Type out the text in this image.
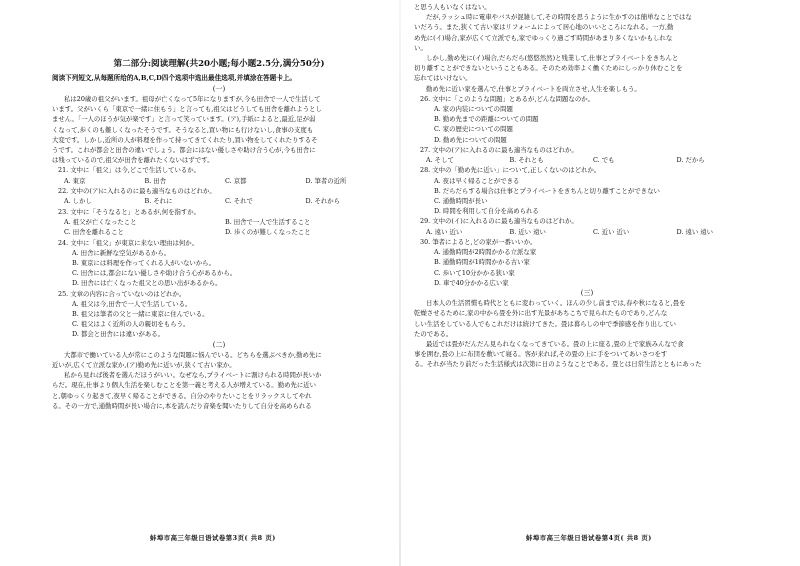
第二部分:阅读理解(共20小题;每小题2.5分,满分50分)
阅读下列短文,从每题所给的A,B,C,D四个选项中选出最佳选项,并填涂在答题卡上。
(一)
私は20歳の祖父がいます。祖母が亡くなって5年になりますが,今も田舎で一人で生活して
います。父がいくら「東京で一緒に住もう」と言っても,祖父はどうしても田舎を離れようとし
ません。「一人のほうが気が楽です」と言って笑っています。(ア),手紙によると,最近,足が弱
くなって,歩くのも難しくなったそうです。そうなると,買い物にも行けないし,食事の支度も
大変です。しかし,近所の人が料理を作って持ってきてくれたり,買い物をしてくれたりするそ
うです。これが都会と田舎の違いでしょう。都会にはない優しさや助け合う心が,今も田舎に
は残っているので,祖父が田舎を離れたくないはずです。
21. 文中に「祖父」は今,どこで生活しているか。
A. 東京	B. 田舎	C. 京都	D. 筆者の近所
22. 文中の(ア)に入れるのに最も適当なものはどれか。
A. しかし	B. それに	C. それで	D. それから
23. 文中に「そうなると」とあるが,何を指すか。
A. 祖父が亡くなったこと	B. 田舎で一人で生活すること
C. 田舎を離れること	D. 歩くのが難しくなったこと
24. 文中に「祖父」が東京に来ない理由は何か。
A. 田舎に新鮮な空気があるから。
B. 東京には料理を作ってくれる人がいないから。
C. 田舎には,都会にない優しさや助け合う心があるから。
D. 田舎には亡くなった祖父との思い出があるから。
25. 文章の内容に合っていないのはどれか。
A. 祖父は今,田舎で一人で生活している。
B. 祖父は筆者の父と一緒に東京に住んでいる。
C. 祖父はよく近所の人の親切をもらう。
D. 都会と田舎には違いがある。
(二)
大都市で働いている人が常にこのような問題に悩んでいる。どちらを選ぶべきか,勤め先に
近いが,広くて立派な家か,(ア)勤め先に近いが,狭くて古い家か。
私から見れば後者を選んだほうがいい。なぜなら,プライベートに割けられる時間が長いか
らだ。現在,仕事より個人生活を楽しむことを第一義と考える人が増えている。勤め先に近い
と,朝ゆっくり起きて,夜早く帰ることができる。自分のやりたいことをリラックスしてやれ
る。その一方で,通勤時間が長い場合に,本を読んだり音楽を聞いたりして自分を高められる
蚌埠市高三年级日语试卷第3页( 共8 页)
と思う人もいなくはない。
だが,ラッシュ時に電車やバスが混雑して,その時間を思うように生かすのは簡単なことではな
いだろう。また,狭くて古い家はリフォームによって居心地のいいところになれる。一方,勤
め先に(イ)場合,家が広くて立派でも,家でゆっくり過ごす時間があまり多くないかもしれな
い。
しかし,勤め先に(イ)場合,だらだら(悠悠然然)と残業して,仕事とプライベートをきちんと
切り離すことができないということもある。そのため効率よく働くためにしっかり休むことを
忘れてはいけない。
勤め先に近い家を選んで,仕事とプライベートを両立させ,人生を楽しもう。
26. 文中に「このような問題」とあるが,どんな問題なのか。
A. 家の内装についての問題
B. 勤め先までの距離についての問題
C. 家の歴史についての問題
D. 勤め先についての問題
27. 文中の(ア)に入れるのに最も適当なものはどれか。
A. そして	B. それとも	C. でも	D. だから
28. 文中の「勤め先に近い」について,正しくないのはどれか。
A. 夜は早く帰ることができる
B. だらだらする場合は仕事とプライベートをきちんと切り離すことができない
C. 通勤時間が長い
D. 時間を利用して自分を高められる
29. 文中の(イ)に入れるのに最も適当なものはどれか。
A. 遠い 近い	B. 近い 遠い	C. 近い 近い	D. 遠い 遠い
30. 筆者によると,どの家が一番いいか。
A. 通勤時間が2時間かかる立派な家
B. 通勤時間が1時間かかる古い家
C. 歩いて10分かかる狭い家
D. 車で40分かかる広い家
(三)
日本人の生活習慣も時代とともに変わっていく。ほんの少し前までは,春や秋になると,畳を
乾燥させるために,家の中から畳を外に出す光景があちこちで見られたものであり,どんな
しい生活をしている人でもこれだけは続けてきた。畳は暮らしの中で季節感を作り出してい
たのである。
最近では畳がだんだん見られなくなってきている。畳の上に座る,畳の上で家族みんなで食
事を囲む,畳の上に布団を敷いて寝る。客が来れば,その畳の上に手をついてあいさつをす
る。それが当たり前だった生活様式は次第に日のようなことである。畳とは日常生活とともにあった
蚌埠市高三年级日语试卷第4页( 共8 页)
